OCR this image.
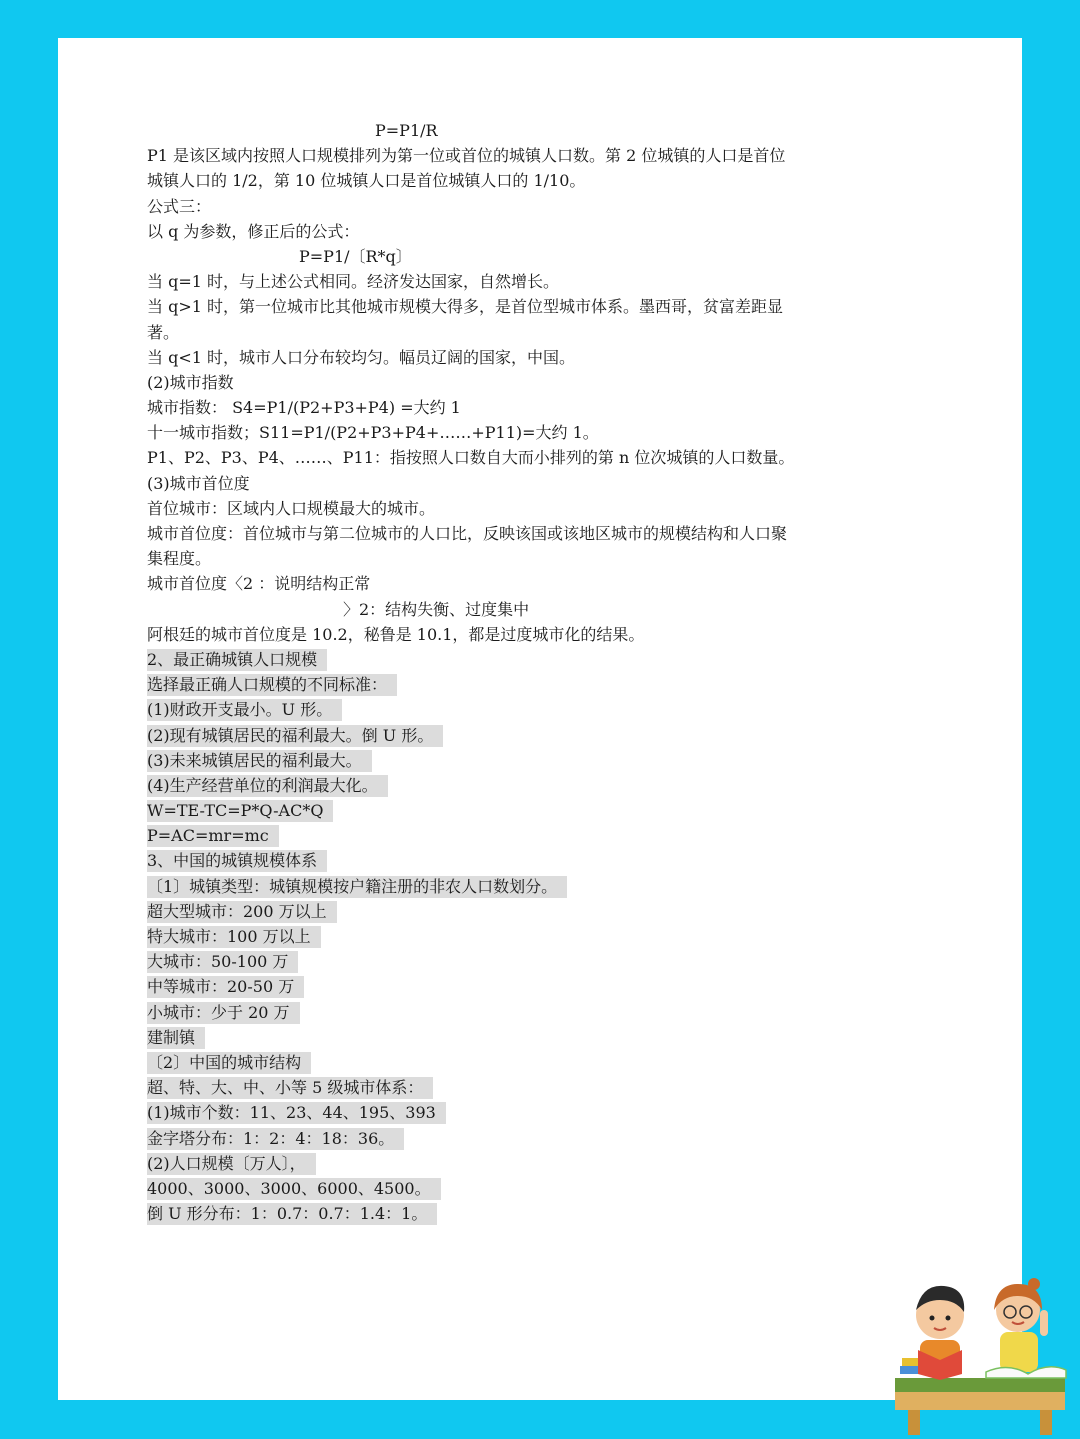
P=P1/R
P1 是该区域内按照人口规模排列为第一位或首位的城镇人口数。第 2 位城镇的人口是首位
城镇人口的 1/2，第 10 位城镇人口是首位城镇人口的 1/10。
公式三：
以 q 为参数，修正后的公式：
P=P1/〔R*q〕
当 q=1 时，与上述公式相同。经济发达国家，自然增长。
当 q>1 时，第一位城市比其他城市规模大得多，是首位型城市体系。墨西哥，贫富差距显
著。
当 q<1 时，城市人口分布较均匀。幅员辽阔的国家，中国。
(2)城市指数
城市指数： S4=P1/(P2+P3+P4) =大约 1
十一城市指数；S11=P1/(P2+P3+P4+……+P11)=大约 1。
P1、P2、P3、P4、……、P11：指按照人口数自大而小排列的第 n 位次城镇的人口数量。
(3)城市首位度
首位城市：区域内人口规模最大的城市。
城市首位度：首位城市与第二位城市的人口比，反映该国或该地区城市的规模结构和人口聚
集程度。
城市首位度〈2 ：说明结构正常
〉2：结构失衡、过度集中
阿根廷的城市首位度是 10.2，秘鲁是 10.1，都是过度城市化的结果。
2、最正确城镇人口规模
选择最正确人口规模的不同标准：
(1)财政开支最小。U 形。
(2)现有城镇居民的福利最大。倒 U 形。
(3)未来城镇居民的福利最大。
(4)生产经营单位的利润最大化。
W=TE-TC=P*Q-AC*Q
P=AC=mr=mc
3、中国的城镇规模体系
〔1〕城镇类型：城镇规模按户籍注册的非农人口数划分。
超大型城市：200 万以上
特大城市：100 万以上
大城市：50-100 万
中等城市：20-50 万
小城市：少于 20 万
建制镇
〔2〕中国的城市结构
超、特、大、中、小等 5 级城市体系：
(1)城市个数：11、23、44、195、393
金字塔分布：1：2：4：18：36。
(2)人口规模〔万人〕，
4000、3000、3000、6000、4500。
倒 U 形分布：1：0.7：0.7：1.4：1。
